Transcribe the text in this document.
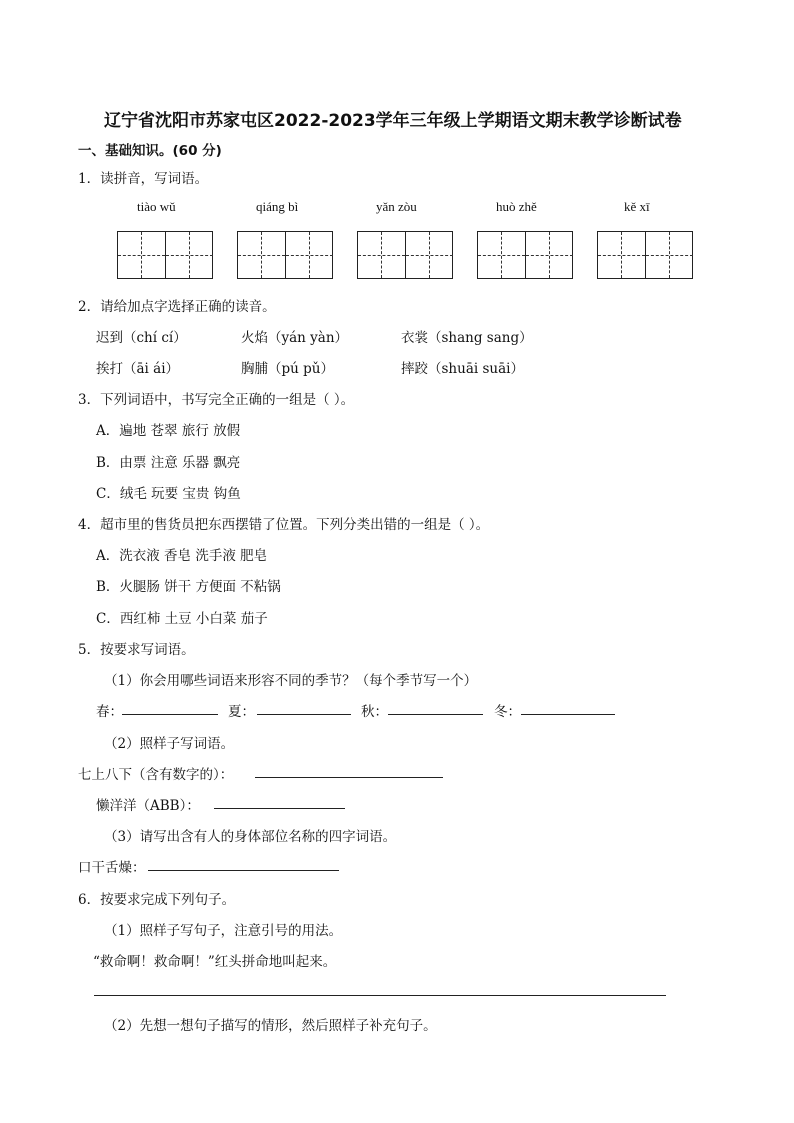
辽宁省沈阳市苏家屯区2022-2023学年三年级上学期语文期末教学诊断试卷
一、基础知识。(60 分)
1．读拼音，写词语。
tiào wǔ	qiáng bì	yǎn zòu	huò zhě	kě xī
2．请给加点字选择正确的读音。
迟到（chí cí）	火焰（yán yàn）	衣裳（shang sang）
挨打（āi ái）	胸脯（pú pǔ）	摔跤（shuāi suāi）
3．下列词语中，书写完全正确的一组是（ ）。
A．遍地 苍翠 旅行 放假
B．由票 注意 乐器 飘亮
C．绒毛 玩要 宝贵 钩鱼
4．超市里的售货员把东西摆错了位置。下列分类出错的一组是（ ）。
A．洗衣液 香皂 洗手液 肥皂
B．火腿肠 饼干 方便面 不粘锅
C．西红柿 土豆 小白菜 茄子
5．按要求写词语。
（1）你会用哪些词语来形容不同的季节？（每个季节写一个）
春：	夏：	秋：	冬：
（2）照样子写词语。
七上八下（含有数字的）：
懒洋洋（ABB）：
（3）请写出含有人的身体部位名称的四字词语。
口干舌燥：
6．按要求完成下列句子。
（1）照样子写句子，注意引号的用法。
“救命啊！救命啊！”红头拼命地叫起来。
（2）先想一想句子描写的情形，然后照样子补充句子。
